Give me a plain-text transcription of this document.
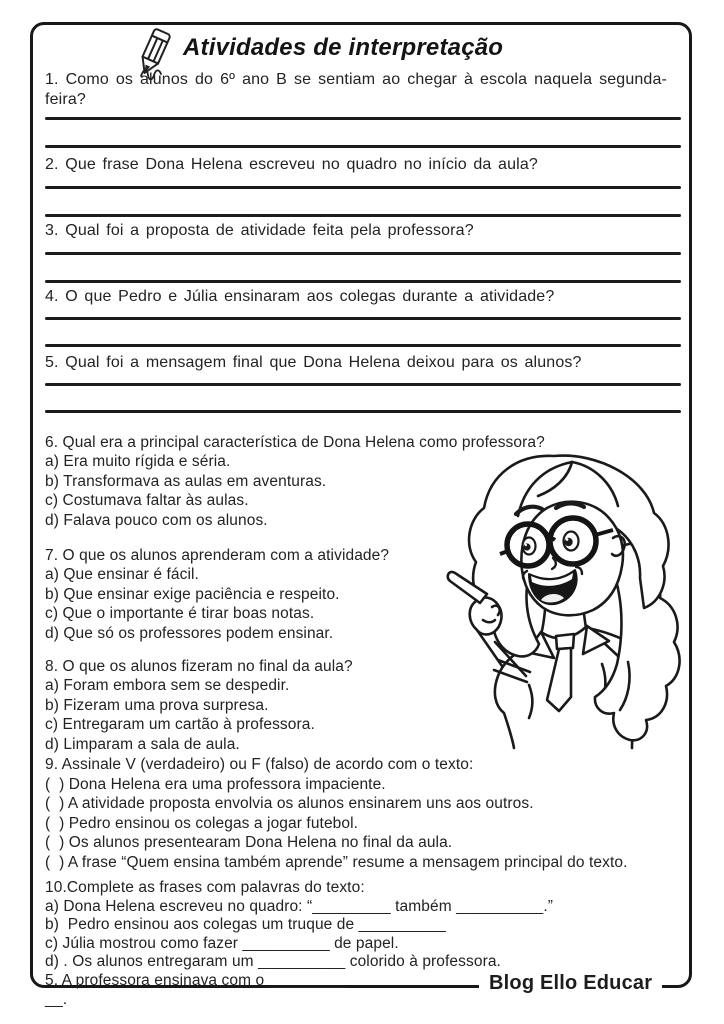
Atividades de interpretação

1. Como os alunos do 6º ano B se sentiam ao chegar à escola naquela segunda-feira?

2. Que frase Dona Helena escreveu no quadro no início da aula?

3. Qual foi a proposta de atividade feita pela professora?

4. O que Pedro e Júlia ensinaram aos colegas durante a atividade?

5. Qual foi a mensagem final que Dona Helena deixou para os alunos?

6. Qual era a principal característica de Dona Helena como professora?

a) Era muito rígida e séria.

b) Transformava as aulas em aventuras.

c) Costumava faltar às aulas.

d) Falava pouco com os alunos.

7. O que os alunos aprenderam com a atividade?

a) Que ensinar é fácil.

b) Que ensinar exige paciência e respeito.

c) Que o importante é tirar boas notas.

d) Que só os professores podem ensinar.

8. O que os alunos fizeram no final da aula?

a) Foram embora sem se despedir.

b) Fizeram uma prova surpresa.

c) Entregaram um cartão à professora.

d) Limparam a sala de aula.

9. Assinale V (verdadeiro) ou F (falso) de acordo com o texto:

(  ) Dona Helena era uma professora impaciente.

(  ) A atividade proposta envolvia os alunos ensinarem uns aos outros.

(  ) Pedro ensinou os colegas a jogar futebol.

(  ) Os alunos presentearam Dona Helena no final da aula.

(  ) A frase “Quem ensina também aprende” resume a mensagem principal do texto.

10.Complete as frases com palavras do texto:

a) Dona Helena escreveu no quadro: “_________ também __________.”

b)  Pedro ensinou aos colegas um truque de __________

c) Júlia mostrou como fazer __________ de papel.

d) . Os alunos entregaram um __________ colorido à professora.

5. A professora ensinava com o _________	Blog Ello Educar

__.
